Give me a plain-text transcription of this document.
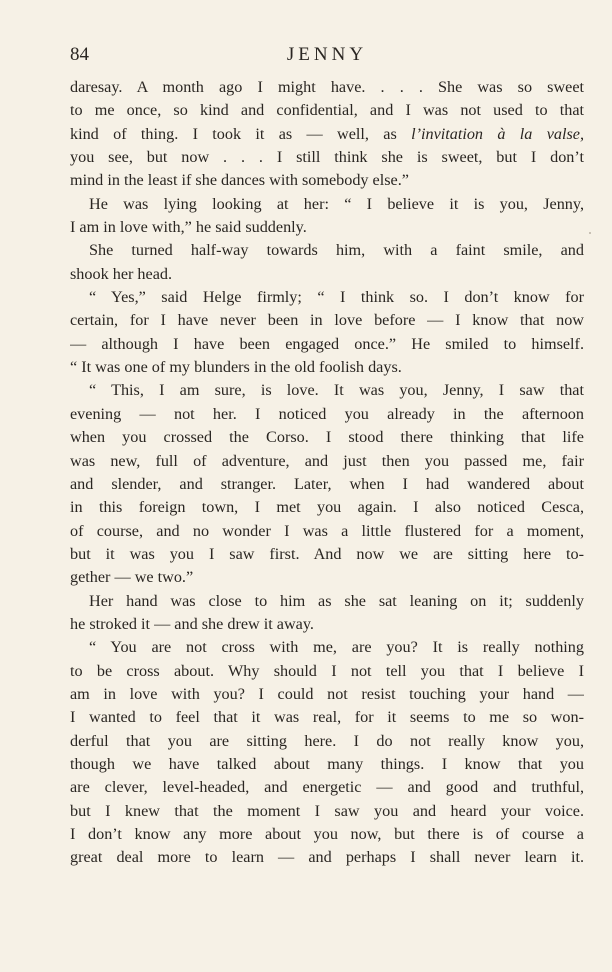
84	JENNY
daresay. A month ago I might have. . . . She was so sweet
to me once, so kind and confidential, and I was not used to that
kind of thing. I took it as — well, as l’invitation à la valse,
you see, but now . . . I still think she is sweet, but I don’t
mind in the least if she dances with somebody else.”
He was lying looking at her: “ I believe it is you, Jenny,
I am in love with,” he said suddenly.
She turned half-way towards him, with a faint smile, and
shook her head.
“ Yes,” said Helge firmly; “ I think so. I don’t know for
certain, for I have never been in love before — I know that now
— although I have been engaged once.” He smiled to himself.
“ It was one of my blunders in the old foolish days.
“ This, I am sure, is love. It was you, Jenny, I saw that
evening — not her. I noticed you already in the afternoon
when you crossed the Corso. I stood there thinking that life
was new, full of adventure, and just then you passed me, fair
and slender, and stranger. Later, when I had wandered about
in this foreign town, I met you again. I also noticed Cesca,
of course, and no wonder I was a little flustered for a moment,
but it was you I saw first. And now we are sitting here to-
gether — we two.”
Her hand was close to him as she sat leaning on it; suddenly
he stroked it — and she drew it away.
“ You are not cross with me, are you? It is really nothing
to be cross about. Why should I not tell you that I believe I
am in love with you? I could not resist touching your hand —
I wanted to feel that it was real, for it seems to me so won-
derful that you are sitting here. I do not really know you,
though we have talked about many things. I know that you
are clever, level-headed, and energetic — and good and truthful,
but I knew that the moment I saw you and heard your voice.
I don’t know any more about you now, but there is of course a
great deal more to learn — and perhaps I shall never learn it.
